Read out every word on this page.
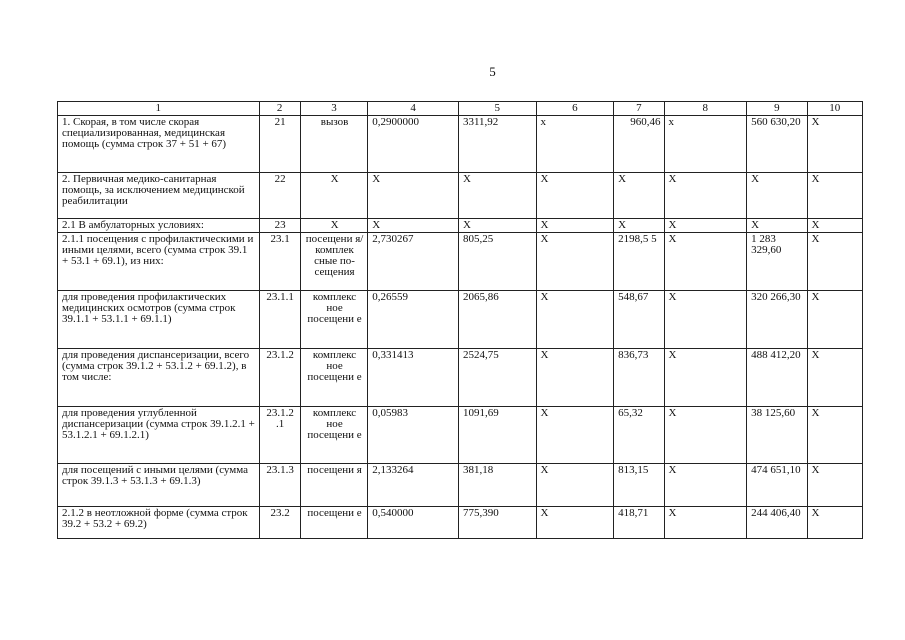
5
1	2	3	4	5	6	7	8	9	10
1. Скорая, в том числе скорая специализированная, медицинская помощь (сумма строк 37 + 51 + 67)	21	вызов	0,2900000	3311,92	x	960,46	x	560 630,20	X
2. Первичная медико-санитарная помощь, за исключением медицинской реабилитации	22	X	X	X	X	X	X	X	X
2.1 В амбулаторных условиях:	23	X	X	X	X	X	X	X	X
2.1.1 посещения с профилактическими и иными целями, всего (сумма строк 39.1 + 53.1 + 69.1), из них:	23.1	посещени я/комплек сные по- сещения	2,730267	805,25	X	2198,5 5	X	1 283 329,60	X
для проведения профилактических медицинских осмотров (сумма строк 39.1.1 + 53.1.1 + 69.1.1)	23.1.1	комплекс ное посещени е	0,26559	2065,86	X	548,67	X	320 266,30	X
для проведения диспансеризации, всего (сумма строк 39.1.2 + 53.1.2 + 69.1.2), в том числе:	23.1.2	комплекс ное посещени е	0,331413	2524,75	X	836,73	X	488 412,20	X
для проведения углубленной диспансеризации (сумма строк 39.1.2.1 + 53.1.2.1 + 69.1.2.1)	23.1.2 .1	комплекс ное посещени е	0,05983	1091,69	X	65,32	X	38 125,60	X
для посещений с иными целями (сумма строк 39.1.3 + 53.1.3 + 69.1.3)	23.1.3	посещени я	2,133264	381,18	X	813,15	X	474 651,10	X
2.1.2 в неотложной форме (сумма строк 39.2 + 53.2 + 69.2)	23.2	посещени е	0,540000	775,390	X	418,71	X	244 406,40	X
